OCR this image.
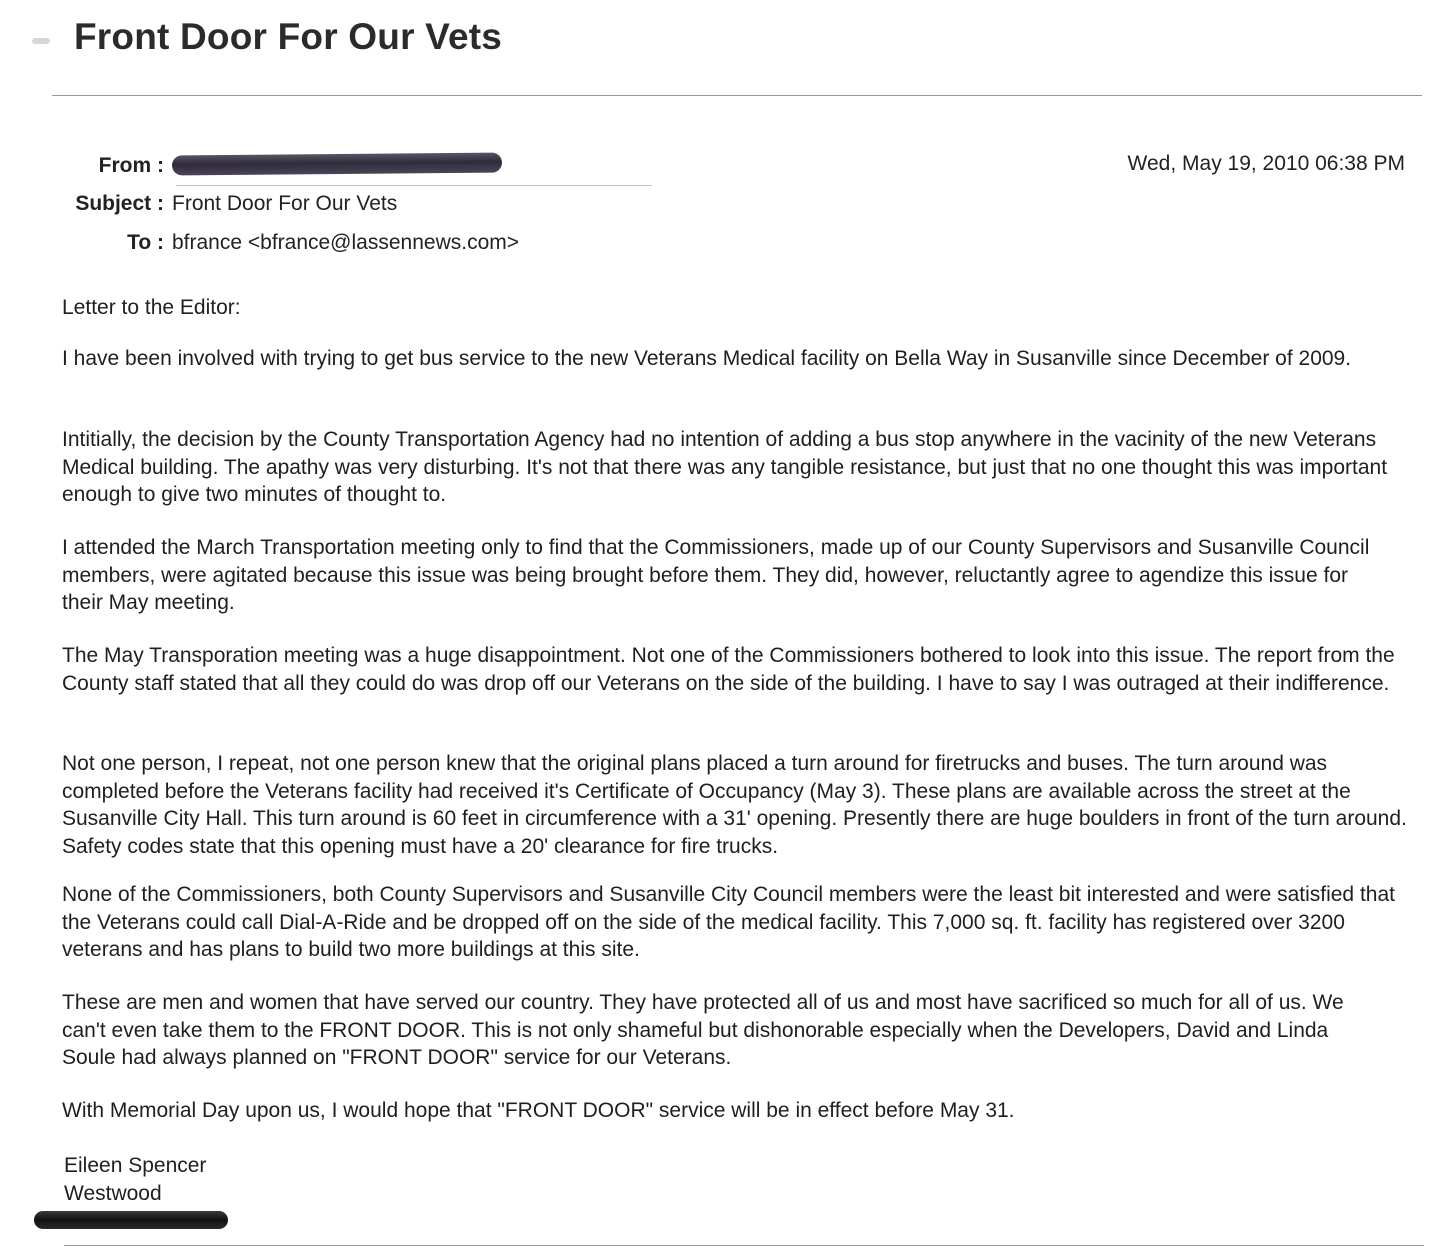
Front Door For Our Vets
From :	Wed, May 19, 2010 06:38 PM
Subject : Front Door For Our Vets
To : bfrance <bfrance@lassennews.com>

Letter to the Editor:

I have been involved with trying to get bus service to the new Veterans Medical facility on Bella Way in Susanville since December of 2009.

Intitially, the decision by the County Transportation Agency had no intention of adding a bus stop anywhere in the vacinity of the new Veterans Medical building. The apathy was very disturbing. It's not that there was any tangible resistance, but just that no one thought this was important enough to give two minutes of thought to.

I attended the March Transportation meeting only to find that the Commissioners, made up of our County Supervisors and Susanville Council members, were agitated because this issue was being brought before them. They did, however, reluctantly agree to agendize this issue for their May meeting.

The May Transporation meeting was a huge disappointment. Not one of the Commissioners bothered to look into this issue. The report from the County staff stated that all they could do was drop off our Veterans on the side of the building. I have to say I was outraged at their indifference.

Not one person, I repeat, not one person knew that the original plans placed a turn around for firetrucks and buses. The turn around was completed before the Veterans facility had received it's Certificate of Occupancy (May 3). These plans are available across the street at the Susanville City Hall. This turn around is 60 feet in circumference with a 31' opening. Presently there are huge boulders in front of the turn around. Safety codes state that this opening must have a 20' clearance for fire trucks.

None of the Commissioners, both County Supervisors and Susanville City Council members were the least bit interested and were satisfied that the Veterans could call Dial-A-Ride and be dropped off on the side of the medical facility. This 7,000 sq. ft. facility has registered over 3200 veterans and has plans to build two more buildings at this site.

These are men and women that have served our country. They have protected all of us and most have sacrificed so much for all of us. We can't even take them to the FRONT DOOR. This is not only shameful but dishonorable especially when the Developers, David and Linda Soule had always planned on "FRONT DOOR" service for our Veterans.

With Memorial Day upon us, I would hope that "FRONT DOOR" service will be in effect before May 31.

Eileen Spencer
Westwood
